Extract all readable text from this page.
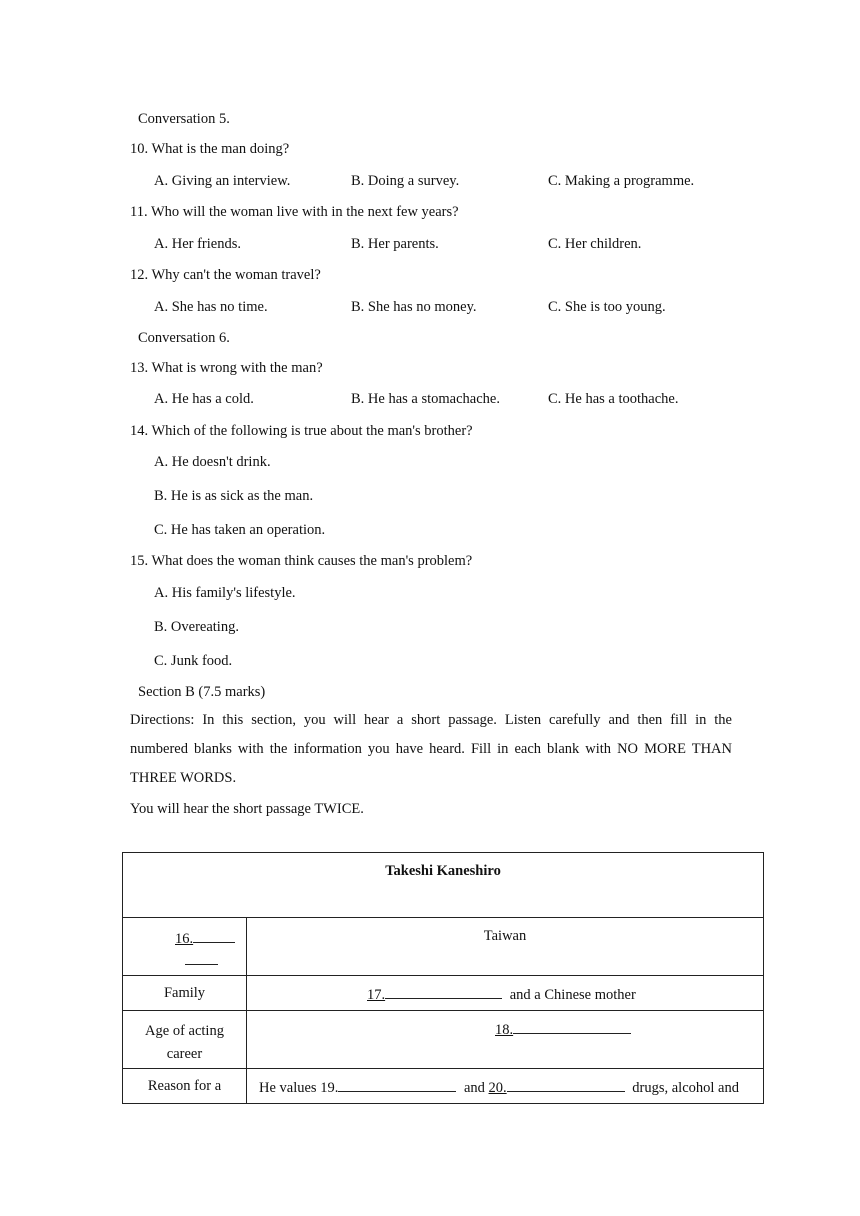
Conversation 5.
10. What is the man doing?
A. Giving an interview.	B. Doing a survey.	C. Making a programme.
11. Who will the woman live with in the next few years?
A. Her friends.	B. Her parents.	C. Her children.
12. Why can't the woman travel?
A. She has no time.	B. She has no money.	C. She is too young.
Conversation 6.
13. What is wrong with the man?
A. He has a cold.	B. He has a stomachache.	C. He has a toothache.
14. Which of the following is true about the man's brother?
A. He doesn't drink.
B. He is as sick as the man.
C. He has taken an operation.
15. What does the woman think causes the man's problem?
A. His family's lifestyle.
B. Overeating.
C. Junk food.
Section B (7.5 marks)
Directions: In this section, you will hear a short passage. Listen carefully and then fill in the
numbered blanks with the information you have heard. Fill in each blank with NO MORE THAN
THREE WORDS.
You will hear the short passage TWICE.
Takeshi Kaneshiro	
16.	Taiwan
Family	17. and a Chinese mother
Age of acting
career	18.
Reason for a	He values 19. and 20. drugs, alcohol and
